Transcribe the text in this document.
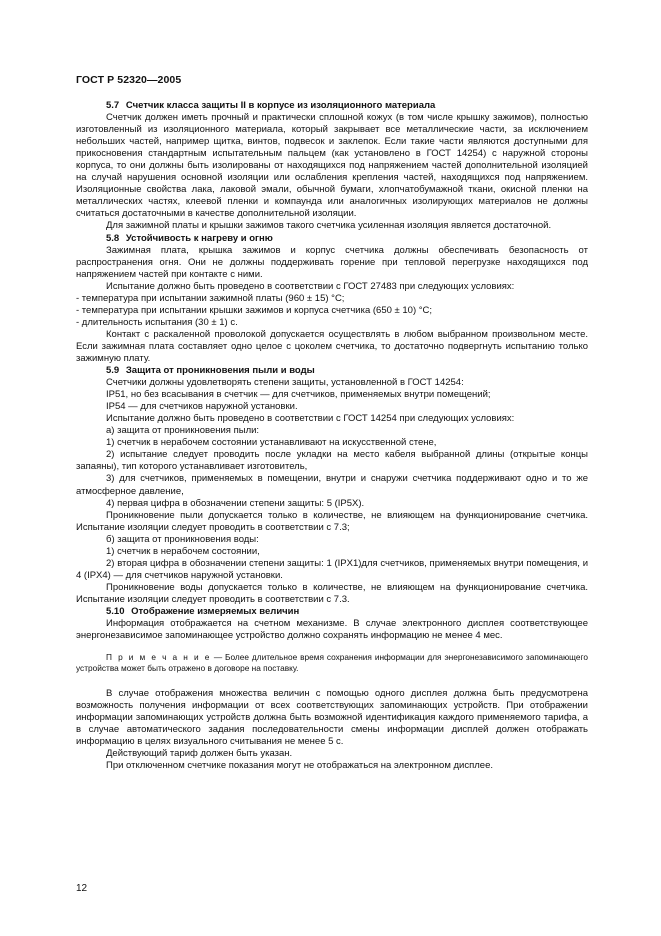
ГОСТ Р 52320—2005

5.7 Счетчик класса защиты II в корпусе из изоляционного материала

Счетчик должен иметь прочный и практически сплошной кожух (в том числе крышку зажимов), полностью изготовленный из изоляционного материала, который закрывает все металлические части, за исключением небольших частей, например щитка, винтов, подвесок и заклепок. Если такие части являются доступными для прикосновения стандартным испытательным пальцем (как установлено в ГОСТ 14254) с наружной стороны корпуса, то они должны быть изолированы от находящихся под напряжением частей дополнительной изоляцией на случай нарушения основной изоляции или ослабления крепления частей, находящихся под напряжением. Изоляционные свойства лака, лаковой эмали, обычной бумаги, хлопчатобумажной ткани, окисной пленки на металлических частях, клеевой пленки и компаунда или аналогичных изолирующих материалов не должны считаться достаточными в качестве дополнительной изоляции.

Для зажимной платы и крышки зажимов такого счетчика усиленная изоляция является достаточной.

5.8 Устойчивость к нагреву и огню

Зажимная плата, крышка зажимов и корпус счетчика должны обеспечивать безопасность от распространения огня. Они не должны поддерживать горение при тепловой перегрузке находящихся под напряжением частей при контакте с ними.

Испытание должно быть проведено в соответствии с ГОСТ 27483 при следующих условиях:

- температура при испытании зажимной платы (960 ± 15) °С;

- температура при испытании крышки зажимов и корпуса счетчика (650 ± 10) °С;

- длительность испытания (30 ± 1) с.

Контакт с раскаленной проволокой допускается осуществлять в любом выбранном произвольном месте. Если зажимная плата составляет одно целое с цоколем счетчика, то достаточно подвергнуть испытанию только зажимную плату.

5.9 Защита от проникновения пыли и воды

Счетчики должны удовлетворять степени защиты, установленной в ГОСТ 14254:

IP51, но без всасывания в счетчик — для счетчиков, применяемых внутри помещений;

IP54 — для счетчиков наружной установки.

Испытание должно быть проведено в соответствии с ГОСТ 14254 при следующих условиях:

а) защита от проникновения пыли:

1) счетчик в нерабочем состоянии устанавливают на искусственной стене,

2) испытание следует проводить после укладки на место кабеля выбранной длины (открытые концы запаяны), тип которого устанавливает изготовитель,

3) для счетчиков, применяемых в помещении, внутри и снаружи счетчика поддерживают одно и то же атмосферное давление,

4) первая цифра в обозначении степени защиты: 5 (IP5X).

Проникновение пыли допускается только в количестве, не влияющем на функционирование счетчика. Испытание изоляции следует проводить в соответствии с 7.3;

б) защита от проникновения воды:

1) счетчик в нерабочем состоянии,

2) вторая цифра в обозначении степени защиты: 1 (IPX1)для счетчиков, применяемых внутри помещения, и 4 (IPX4) — для счетчиков наружной установки.

Проникновение воды допускается только в количестве, не влияющем на функционирование счетчика. Испытание изоляции следует проводить в соответствии с 7.3.

5.10 Отображение измеряемых величин

Информация отображается на счетном механизме. В случае электронного дисплея соответствующее энергонезависимое запоминающее устройство должно сохранять информацию не менее 4 мес.

П р и м е ч а н и е — Более длительное время сохранения информации для энергонезависимого запоминающего устройства может быть отражено в договоре на поставку.

В случае отображения множества величин с помощью одного дисплея должна быть предусмотрена возможность получения информации от всех соответствующих запоминающих устройств. При отображении информации запоминающих устройств должна быть возможной идентификация каждого применяемого тарифа, а в случае автоматического задания последовательности смены информации дисплей должен отображать информацию в целях визуального считывания не менее 5 с.

Действующий тариф должен быть указан.

При отключенном счетчике показания могут не отображаться на электронном дисплее.

12
